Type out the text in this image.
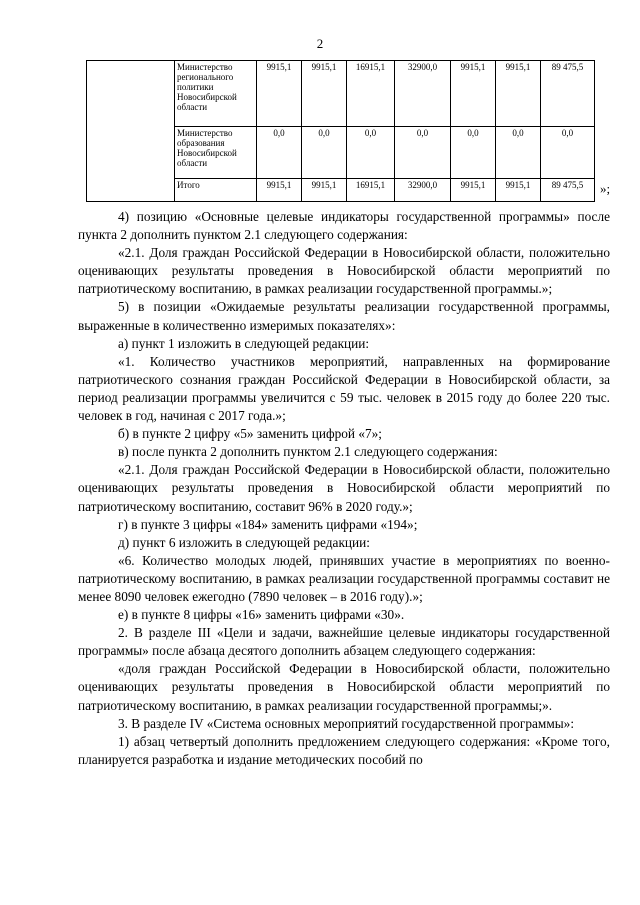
2
	Министерство регионального политики Новосибирской области	9915,1	9915,1	16915,1	32900,0	9915,1	9915,1	89 475,5
	Министерство образования Новосибирской области	0,0	0,0	0,0	0,0	0,0	0,0	0,0
	Итого	9915,1	9915,1	16915,1	32900,0	9915,1	9915,1	89 475,5 »;

4) позицию «Основные целевые индикаторы государственной программы» после пункта 2 дополнить пунктом 2.1 следующего содержания:

«2.1. Доля граждан Российской Федерации в Новосибирской области, положительно оценивающих результаты проведения в Новосибирской области мероприятий по патриотическому воспитанию, в рамках реализации государственной программы.»;

5) в позиции «Ожидаемые результаты реализации государственной программы, выраженные в количественно измеримых показателях»:

а) пункт 1 изложить в следующей редакции:

«1. Количество участников мероприятий, направленных на формирование патриотического сознания граждан Российской Федерации в Новосибирской области, за период реализации программы увеличится с 59 тыс. человек в 2015 году до более 220 тыс. человек в год, начиная с 2017 года.»;

б) в пункте 2 цифру «5» заменить цифрой «7»;

в) после пункта 2 дополнить пунктом 2.1 следующего содержания:

«2.1. Доля граждан Российской Федерации в Новосибирской области, положительно оценивающих результаты проведения в Новосибирской области мероприятий по патриотическому воспитанию, составит 96% в 2020 году.»;

г) в пункте 3 цифры «184» заменить цифрами «194»;

д) пункт 6 изложить в следующей редакции:

«6. Количество молодых людей, принявших участие в мероприятиях по военно-патриотическому воспитанию, в рамках реализации государственной программы составит не менее 8090 человек ежегодно (7890 человек – в 2016 году).»;

е) в пункте 8 цифры «16» заменить цифрами «30».

2. В разделе III «Цели и задачи, важнейшие целевые индикаторы государственной программы» после абзаца десятого дополнить абзацем следующего содержания:

«доля граждан Российской Федерации в Новосибирской области, положительно оценивающих результаты проведения в Новосибирской области мероприятий по патриотическому воспитанию, в рамках реализации государственной программы;».

3. В разделе IV «Система основных мероприятий государственной программы»:

1) абзац четвертый дополнить предложением следующего содержания: «Кроме того, планируется разработка и издание методических пособий по
